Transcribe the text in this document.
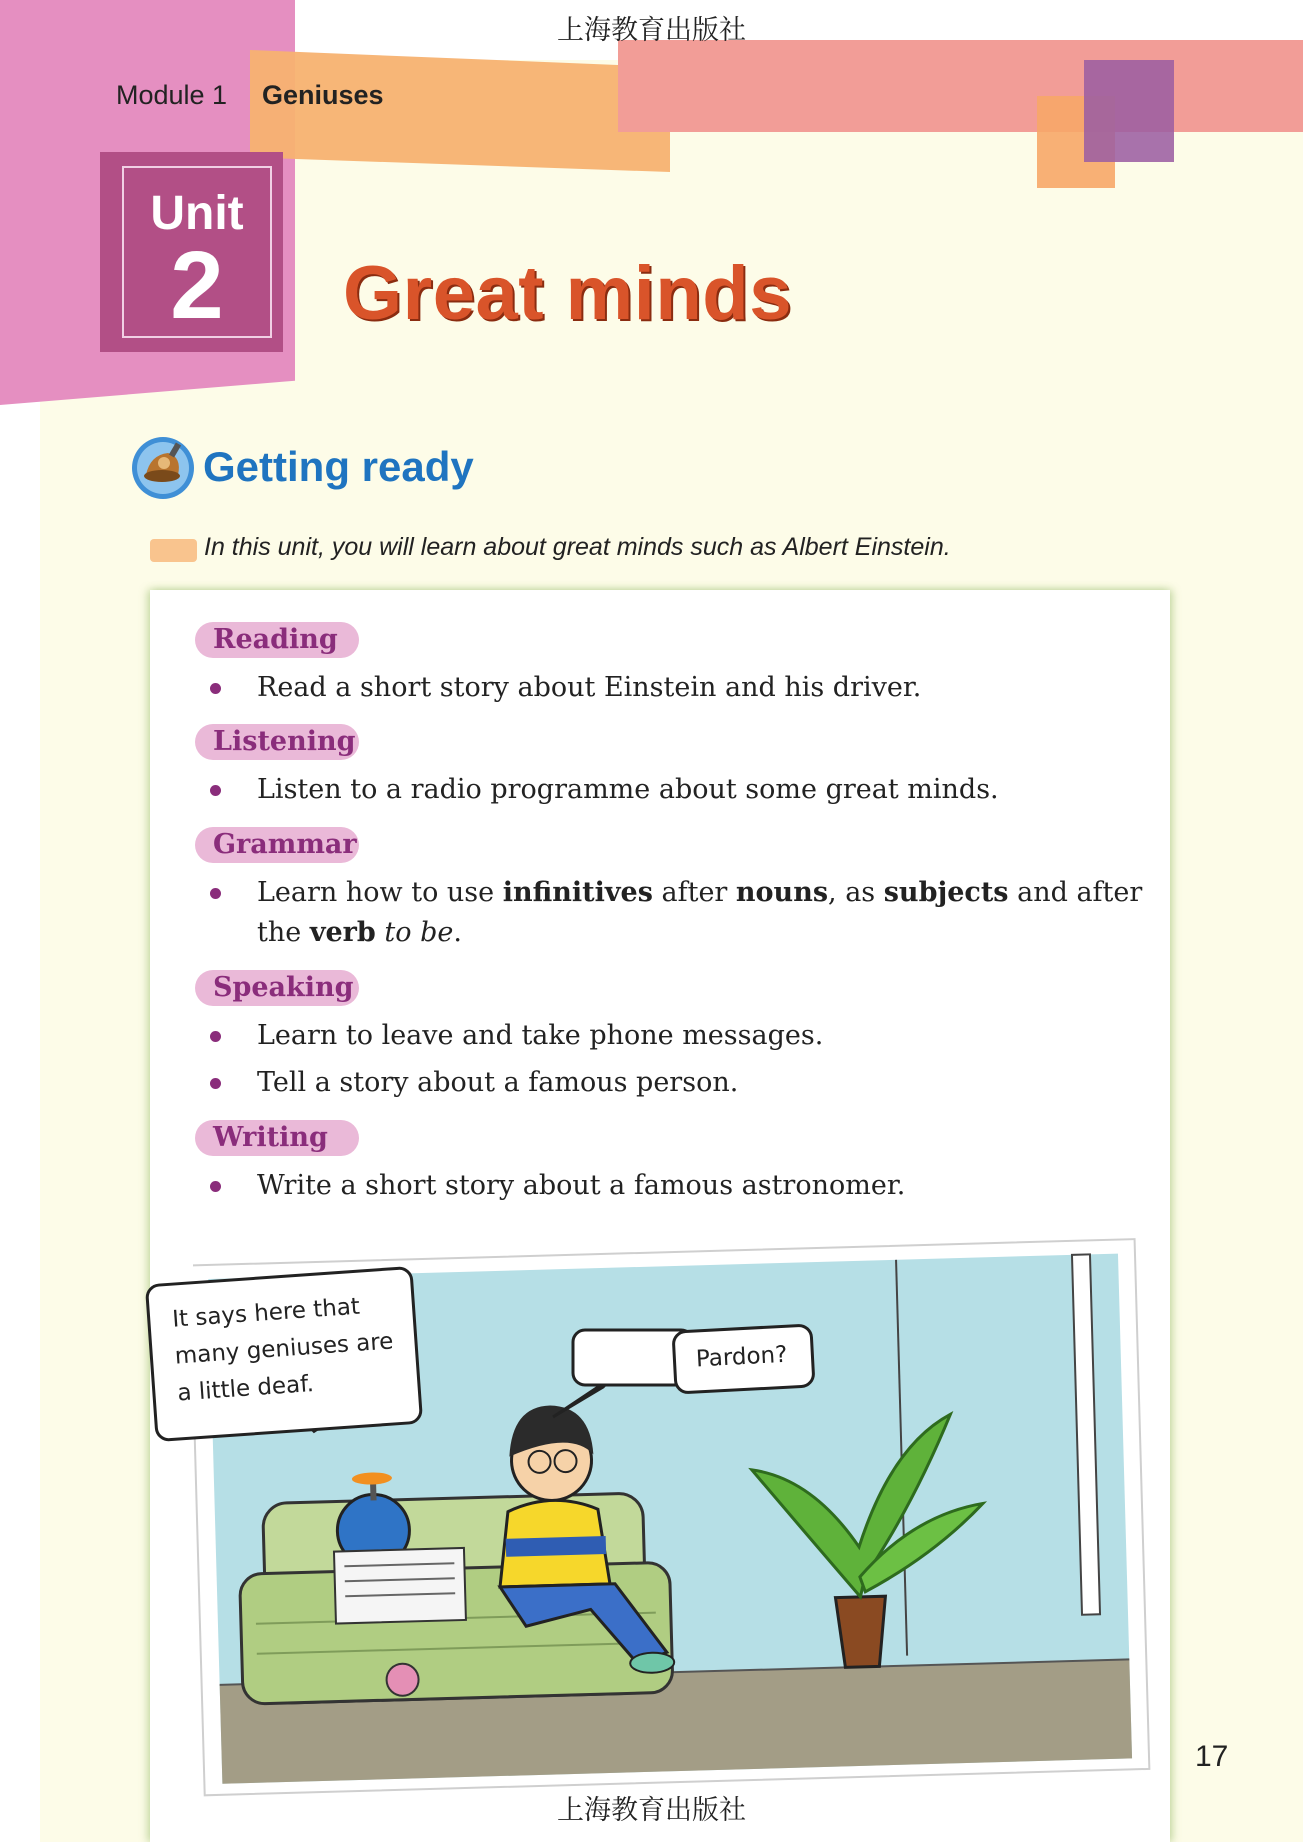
上海教育出版社
Module 1 Geniuses
Unit
2	Great minds
Getting ready
In this unit, you will learn about great minds such as Albert Einstein.
Reading
Read a short story about Einstein and his driver.
Listening
Listen to a radio programme about some great minds.
Grammar
Learn how to use infinitives after nouns, as subjects and after
the verb to be.
Speaking
Learn to leave and take phone messages.
Tell a story about a famous person.
Writing
Write a short story about a famous astronomer.
It says here that
many geniuses are
a little deaf.
Pardon?
17
上海教育出版社
